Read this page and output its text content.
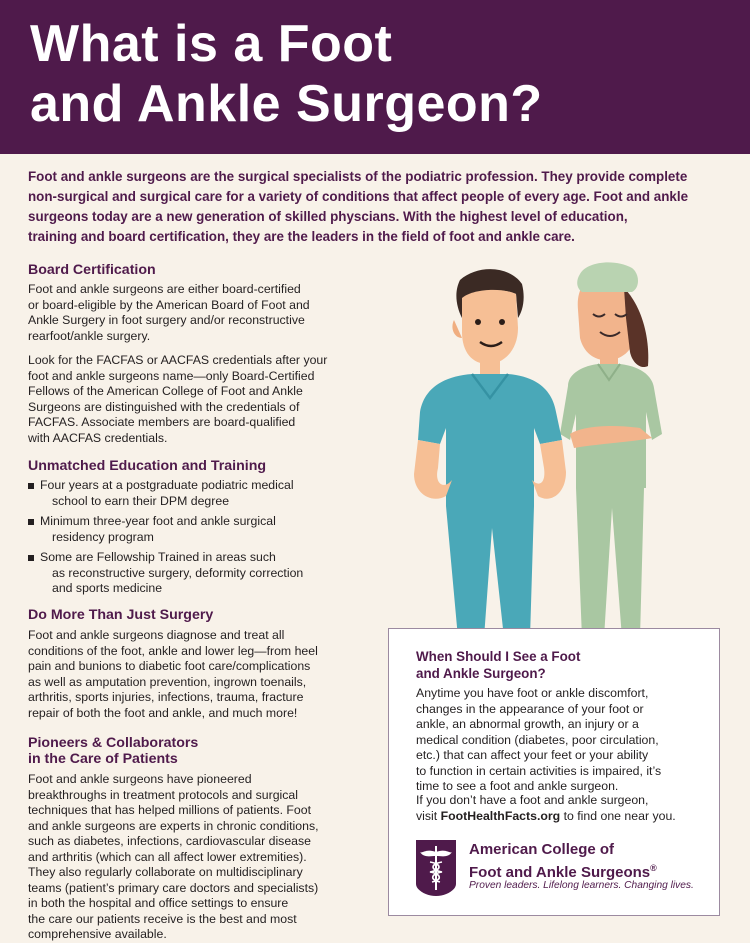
What is a Foot
and Ankle Surgeon?

Foot and ankle surgeons are the surgical specialists of the podiatric profession. They provide complete
non-surgical and surgical care for a variety of conditions that affect people of every age. Foot and ankle
surgeons today are a new generation of skilled physcians. With the highest level of education,
training and board certification, they are the leaders in the field of foot and ankle care.

Board Certification

Foot and ankle surgeons are either board-certified
or board-eligible by the American Board of Foot and
Ankle Surgery in foot surgery and/or reconstructive
rearfoot/ankle surgery.

Look for the FACFAS or AACFAS credentials after your
foot and ankle surgeons name—only Board-Certified
Fellows of the American College of Foot and Ankle
Surgeons are distinguished with the credentials of
FACFAS. Associate members are board-qualified
with AACFAS credentials.

Unmatched Education and Training
Four years at a postgraduate podiatric medical
school to earn their DPM degree
Minimum three-year foot and ankle surgical
residency program
Some are Fellowship Trained in areas such
as reconstructive surgery, deformity correction
and sports medicine
Do More Than Just Surgery

Foot and ankle surgeons diagnose and treat all
conditions of the foot, ankle and lower leg—from heel
pain and bunions to diabetic foot care/complications
as well as amputation prevention, ingrown toenails,
arthritis, sports injuries, infections, trauma, fracture
repair of both the foot and ankle, and much more!

Pioneers & Collaborators
in the Care of Patients

Foot and ankle surgeons have pioneered
breakthroughs in treatment protocols and surgical
techniques that has helped millions of patients. Foot
and ankle surgeons are experts in chronic conditions,
such as diabetes, infections, cardiovascular disease
and arthritis (which can all affect lower extremities).
They also regularly collaborate on multidisciplinary
teams (patient’s primary care doctors and specialists)
in both the hospital and office settings to ensure
the care our patients receive is the best and most
comprehensive available.

When Should I See a Foot
and Ankle Surgeon?

Anytime you have foot or ankle discomfort,
changes in the appearance of your foot or
ankle, an abnormal growth, an injury or a
medical condition (diabetes, poor circulation,
etc.) that can affect your feet or your ability
to function in certain activities is impaired, it’s
time to see a foot and ankle surgeon.

If you don’t have a foot and ankle surgeon,
visit FootHealthFacts.org to find one near you.

American College of
Foot and Ankle Surgeons®

Proven leaders. Lifelong learners. Changing lives.
